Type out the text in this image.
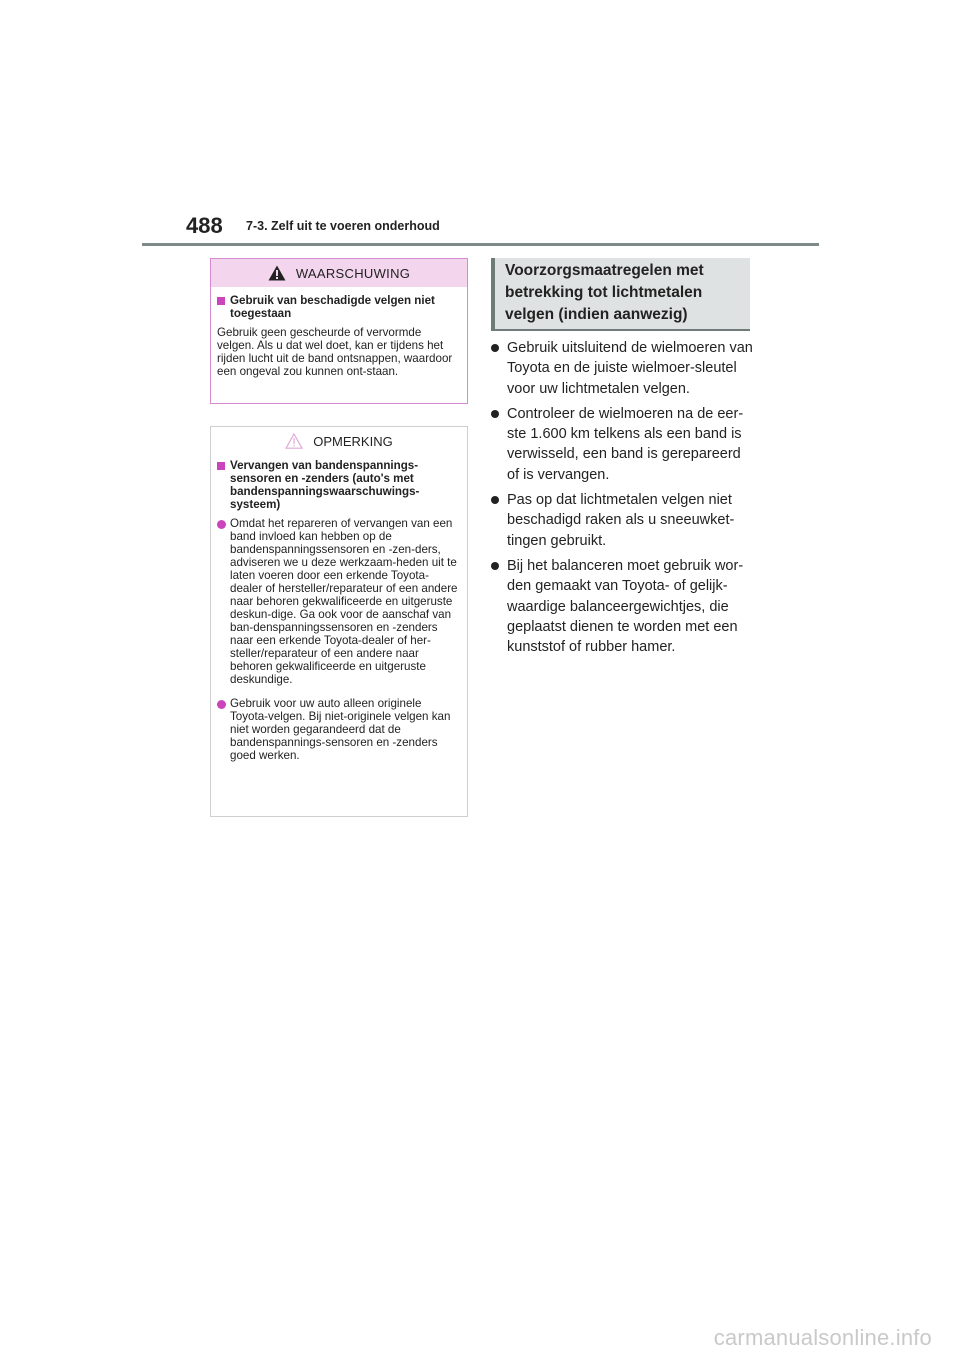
488 7-3. Zelf uit te voeren onderhoud
WAARSCHUWING
Gebruik van beschadigde velgen niet toegestaan
Gebruik geen gescheurde of vervormde velgen. Als u dat wel doet, kan er tijdens het rijden lucht uit de band ontsnappen, waardoor een ongeval zou kunnen ont-staan.
OPMERKING
Vervangen van bandenspannings-sensoren en -zenders (auto's met bandenspanningswaarschuwings-systeem)
Omdat het repareren of vervangen van een band invloed kan hebben op de bandenspanningssensoren en -zen-ders, adviseren we u deze werkzaam-heden uit te laten voeren door een erkende Toyota-dealer of hersteller/reparateur of een andere naar behoren gekwalificeerde en uitgeruste deskun-dige. Ga ook voor de aanschaf van ban-denspanningssensoren en -zenders naar een erkende Toyota-dealer of her-steller/reparateur of een andere naar behoren gekwalificeerde en uitgeruste deskundige.
Gebruik voor uw auto alleen originele Toyota-velgen. Bij niet-originele velgen kan niet worden gegarandeerd dat de bandenspannings-sensoren en -zenders goed werken.
Voorzorgsmaatregelen met betrekking tot lichtmetalen velgen (indien aanwezig)
Gebruik uitsluitend de wielmoeren van Toyota en de juiste wielmoer-sleutel voor uw lichtmetalen velgen.
Controleer de wielmoeren na de eer-ste 1.600 km telkens als een band is verwisseld, een band is gerepareerd of is vervangen.
Pas op dat lichtmetalen velgen niet beschadigd raken als u sneeuwket-tingen gebruikt.
Bij het balanceren moet gebruik wor-den gemaakt van Toyota- of gelijk-waardige balanceergewichtjes, die geplaatst dienen te worden met een kunststof of rubber hamer.
carmanualsonline.info
